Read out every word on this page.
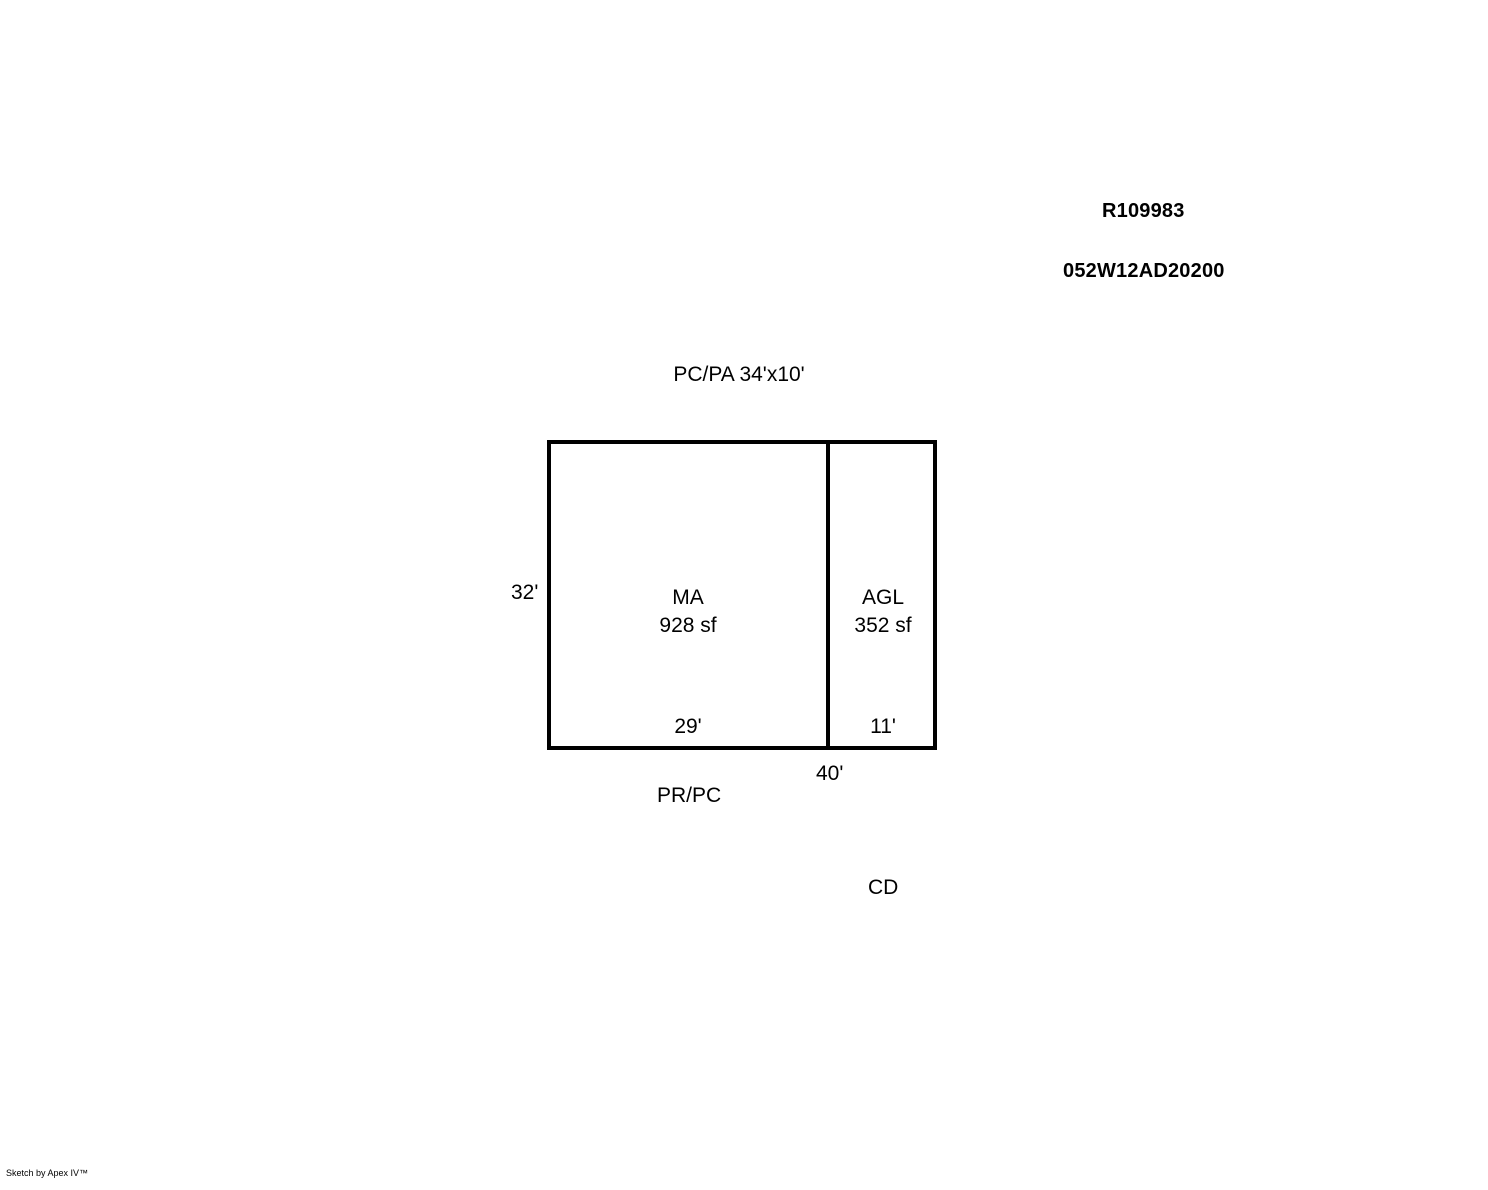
R109983
052W12AD20200
PC/PA 34'x10'
32'	MA
928 sf
AGL
352 sf
29'	11'
40'
PR/PC
CD
Sketch by Apex IV™
